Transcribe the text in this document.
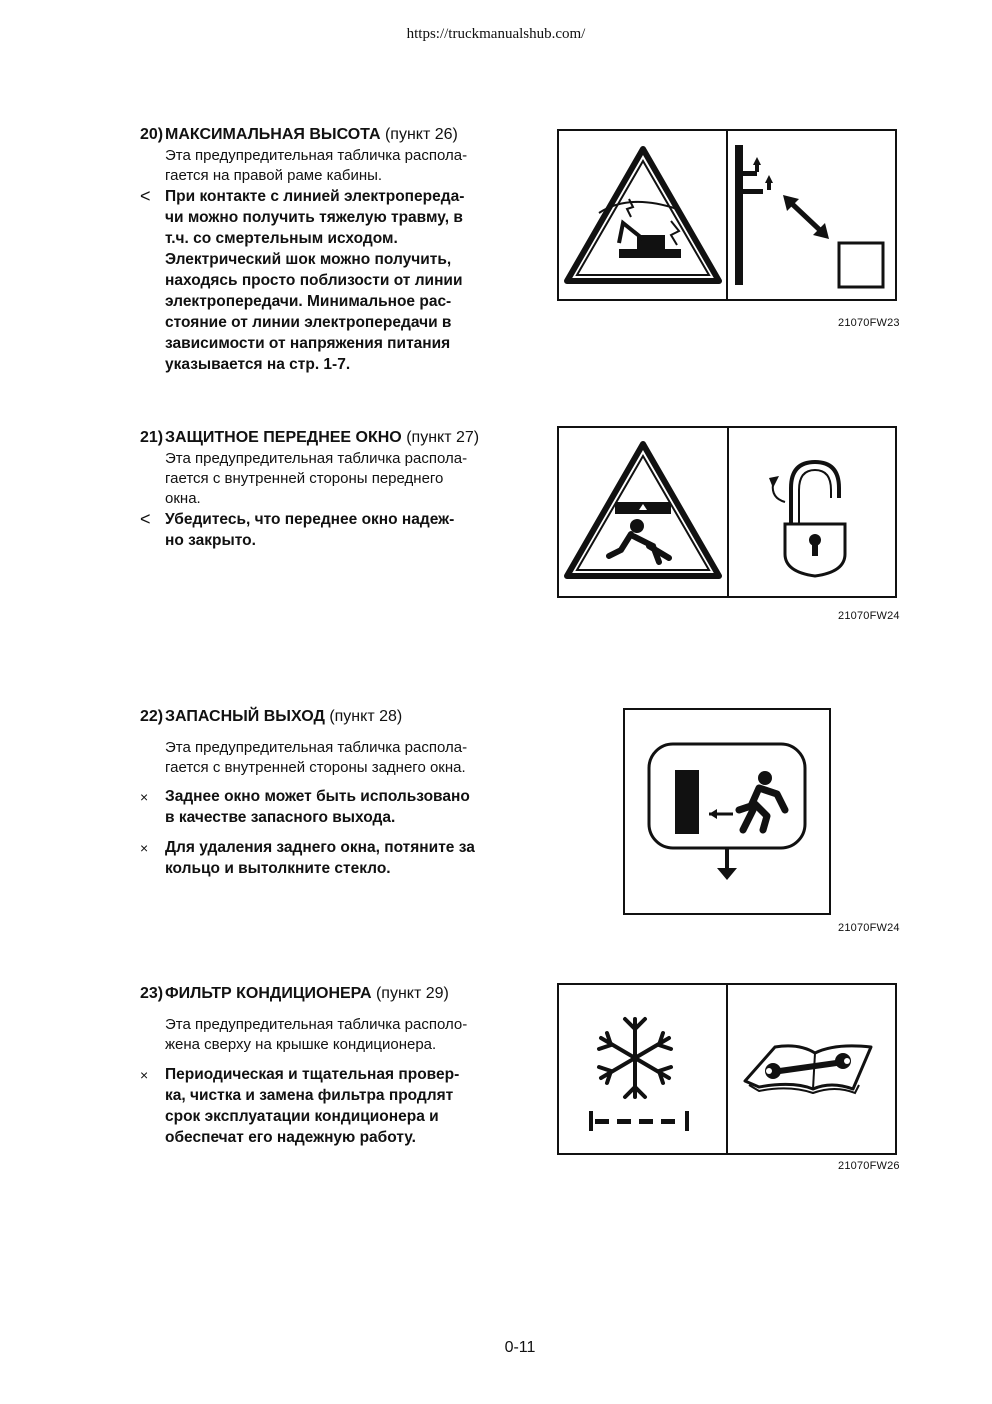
https://truckmanualshub.com/
20) МАКСИМАЛЬНАЯ ВЫСОТА (пункт 26)
Эта предупредительная табличка распола-
гается на правой раме кабины.
< При контакте с линией электропереда-
чи можно получить тяжелую травму, в
т.ч. со смертельным исходом.
Электрический шок можно получить,
находясь просто поблизости от линии
электропередачи. Минимальное рас-
стояние от линии электропередачи в
зависимости от напряжения питания
указывается на стр. 1-7.
21070FW23
21) ЗАЩИТНОЕ ПЕРЕДНЕЕ ОКНО (пункт 27)
Эта предупредительная табличка распола-
гается с внутренней стороны переднего
окна.
< Убедитесь, что переднее окно надеж-
но закрыто.
21070FW24
22) ЗАПАСНЫЙ ВЫХОД (пункт 28)
Эта предупредительная табличка распола-
гается с внутренней стороны заднего окна.
× Заднее окно может быть использовано
в качестве запасного выхода.
× Для удаления заднего окна, потяните за
кольцо и вытолкните стекло.
21070FW24
23) ФИЛЬТР КОНДИЦИОНЕРА (пункт 29)
Эта предупредительная табличка располо-
жена сверху на крышке кондиционера.
× Периодическая и тщательная провер-
ка, чистка и замена фильтра продлят
срок эксплуатации кондиционера и
обеспечат его надежную работу.
21070FW26
0-11
